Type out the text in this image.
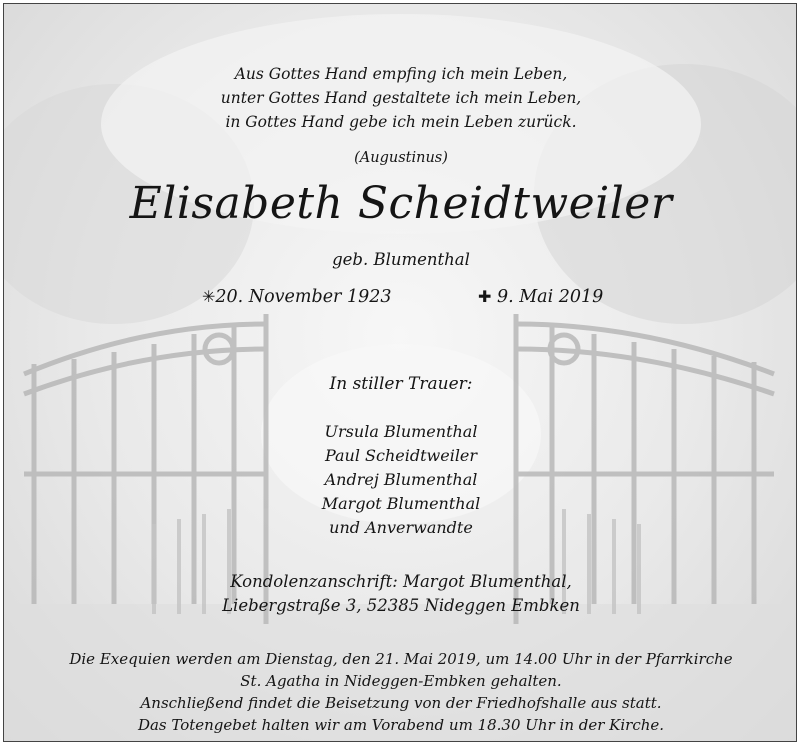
Aus Gottes Hand empfing ich mein Leben,
unter Gottes Hand gestaltete ich mein Leben,
in Gottes Hand gebe ich mein Leben zurück.
(Augustinus)
Elisabeth Scheidtweiler
geb. Blumenthal
✳20. November 1923	✚ 9. Mai 2019
In stiller Trauer:
Ursula Blumenthal
Paul Scheidtweiler
Andrej Blumenthal
Margot Blumenthal
und Anverwandte
Kondolenzanschrift: Margot Blumenthal,
Liebergstraße 3, 52385 Nideggen Embken
Die Exequien werden am Dienstag, den 21. Mai 2019, um 14.00 Uhr in der Pfarrkirche
St. Agatha in Nideggen-Embken gehalten.
Anschließend findet die Beisetzung von der Friedhofshalle aus statt.
Das Totengebet halten wir am Vorabend um 18.30 Uhr in der Kirche.
